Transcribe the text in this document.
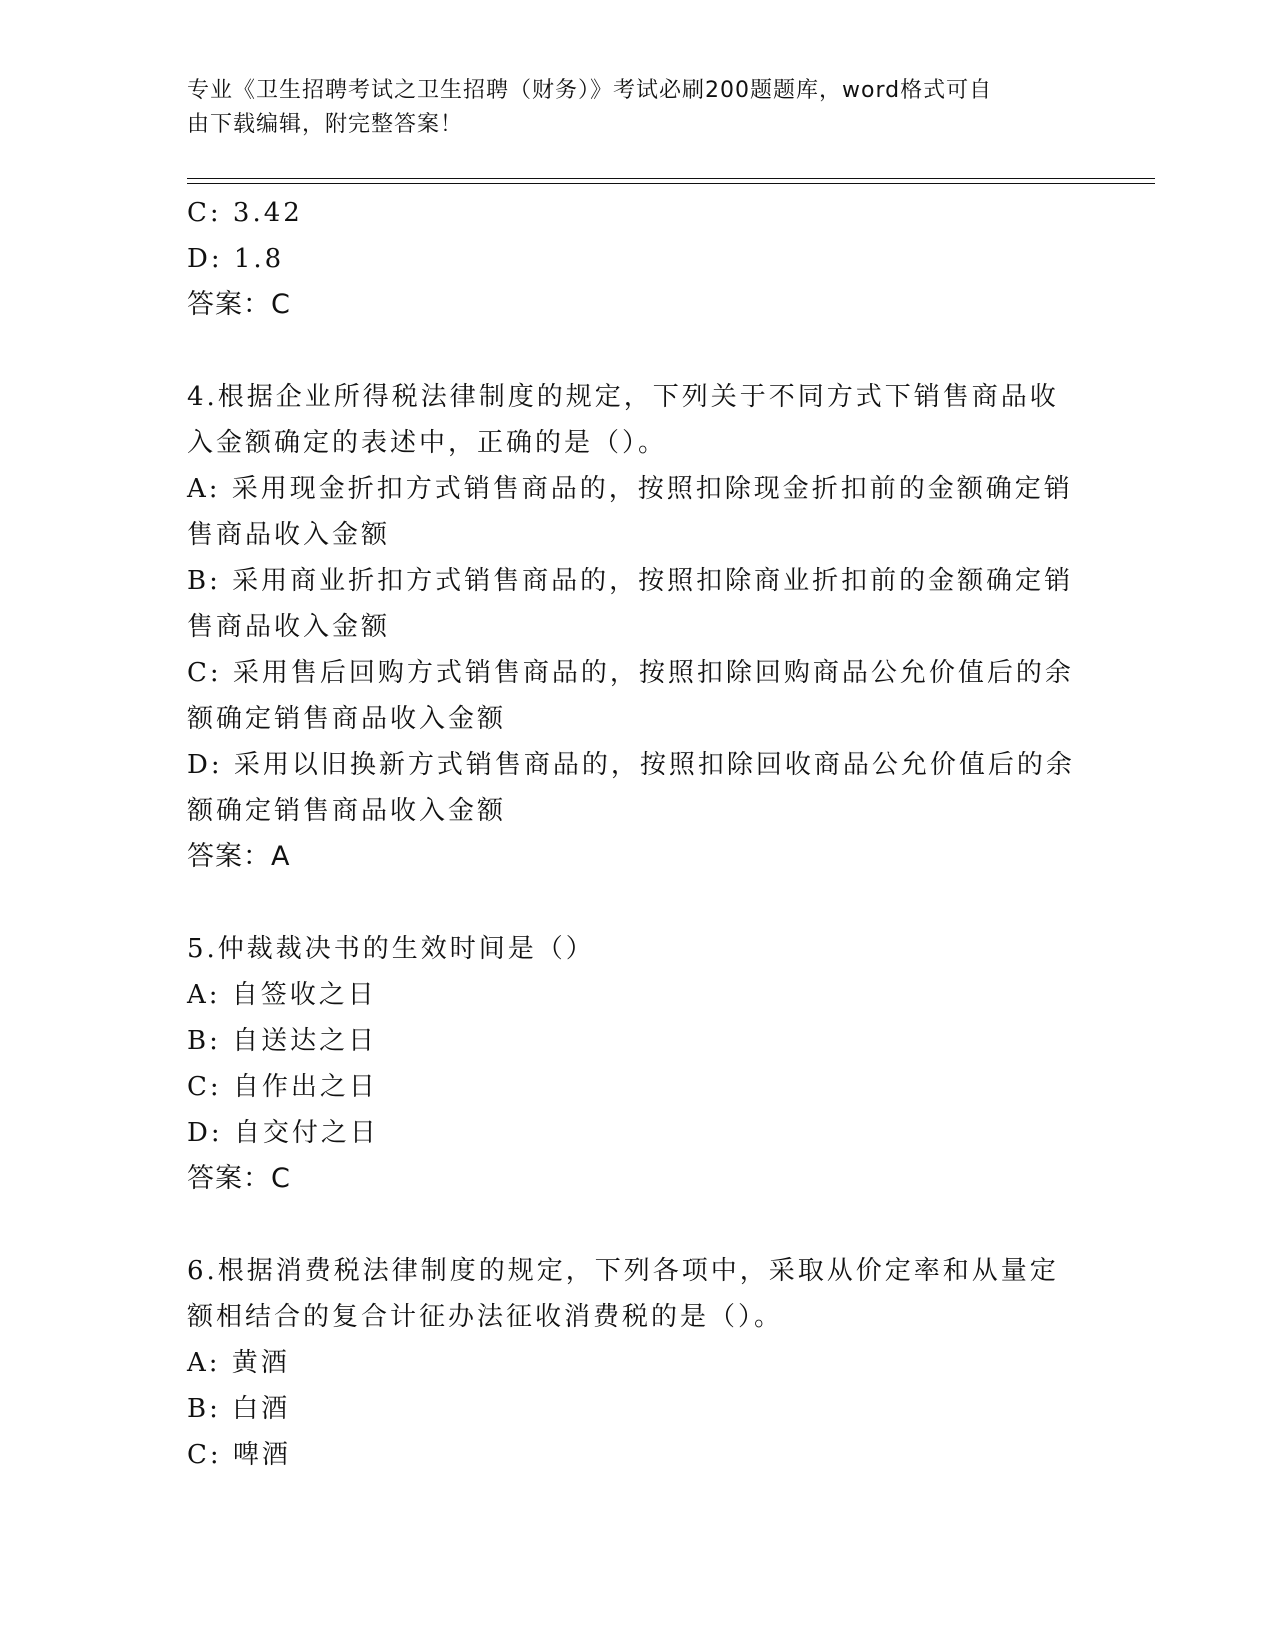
专业《卫生招聘考试之卫生招聘（财务）》考试必刷200题题库，word格式可自
由下载编辑，附完整答案！
C: 3.42
D: 1.8
答案：C
4.根据企业所得税法律制度的规定，下列关于不同方式下销售商品收
入金额确定的表述中，正确的是（）。
A: 采用现金折扣方式销售商品的，按照扣除现金折扣前的金额确定销
售商品收入金额
B: 采用商业折扣方式销售商品的，按照扣除商业折扣前的金额确定销
售商品收入金额
C: 采用售后回购方式销售商品的，按照扣除回购商品公允价值后的余
额确定销售商品收入金额
D: 采用以旧换新方式销售商品的，按照扣除回收商品公允价值后的余
额确定销售商品收入金额
答案：A
5.仲裁裁决书的生效时间是（）
A: 自签收之日
B: 自送达之日
C: 自作出之日
D: 自交付之日
答案：C
6.根据消费税法律制度的规定，下列各项中，采取从价定率和从量定
额相结合的复合计征办法征收消费税的是（）。
A: 黄酒
B: 白酒
C: 啤酒
